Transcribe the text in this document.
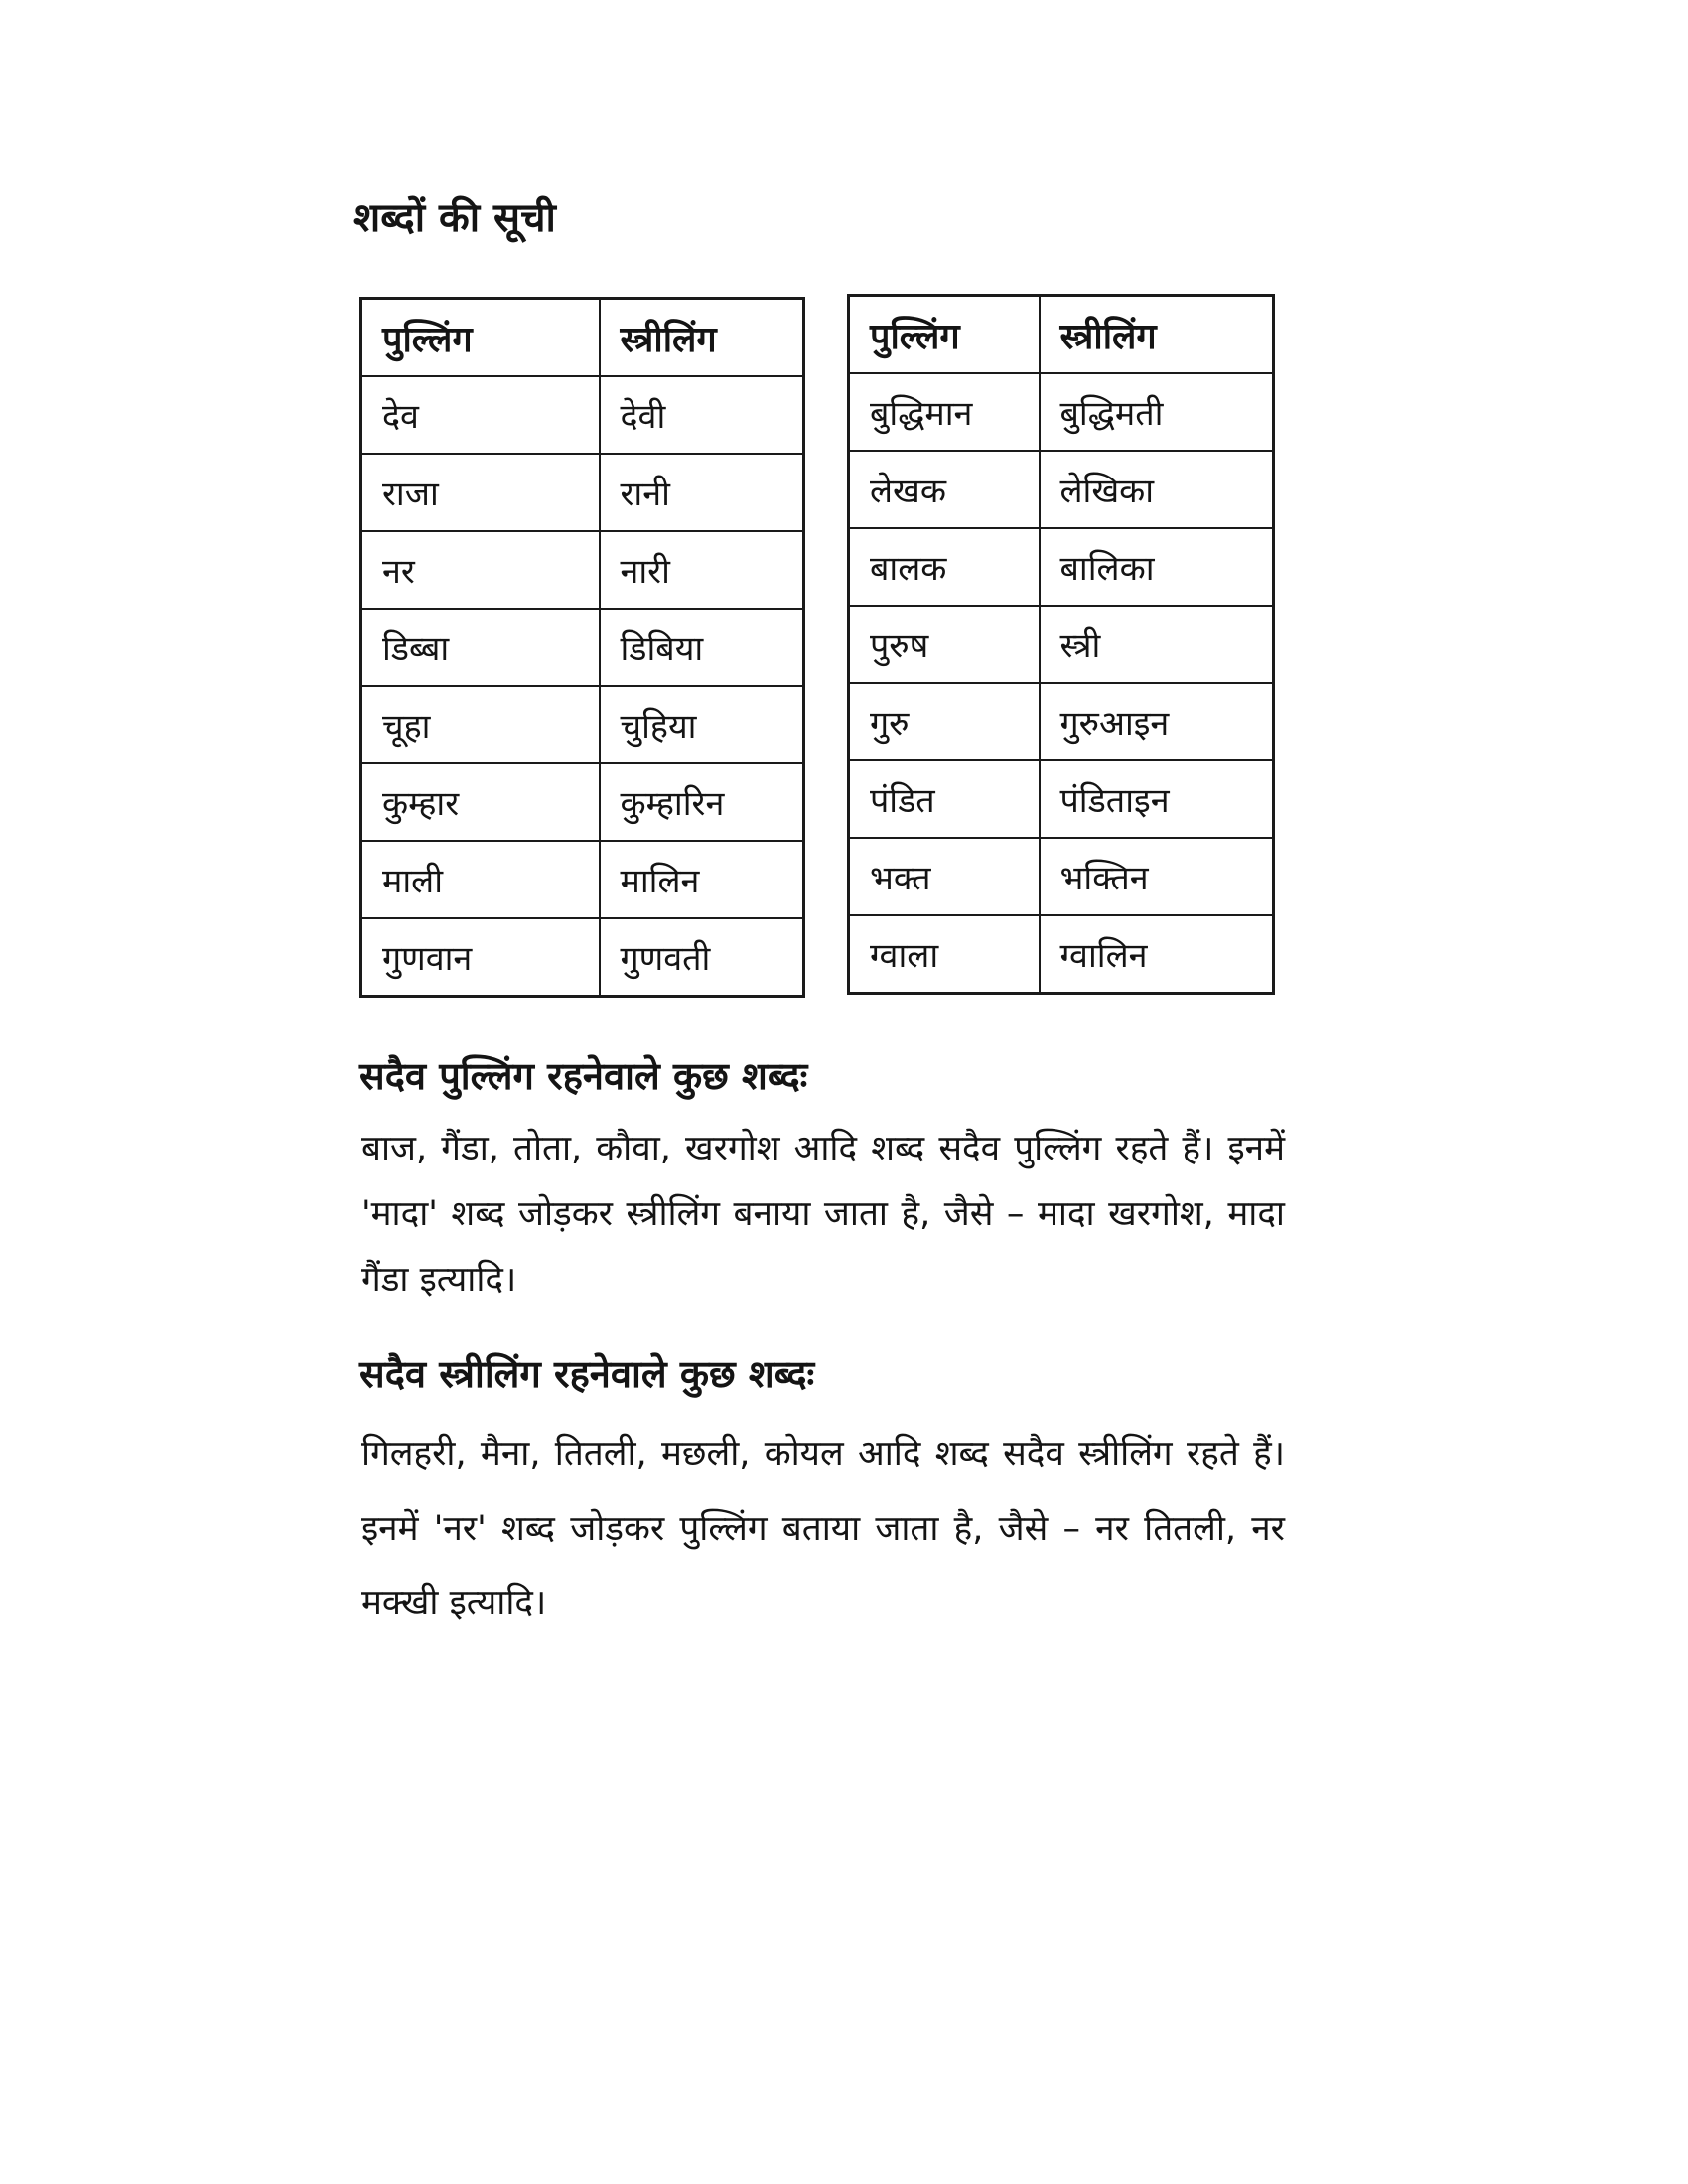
शब्दों की सूची
पुल्लिंग	स्त्रीलिंग
देव	देवी
राजा	रानी
नर	नारी
डिब्बा	डिबिया
चूहा	चुहिया
कुम्हार	कुम्हारिन
माली	मालिन
गुणवान	गुणवती
पुल्लिंग	स्त्रीलिंग
बुद्धिमान	बुद्धिमती
लेखक	लेखिका
बालक	बालिका
पुरुष	स्त्री
गुरु	गुरुआइन
पंडित	पंडिताइन
भक्त	भक्तिन
ग्वाला	ग्वालिन
सदैव पुल्लिंग रहनेवाले कुछ शब्दः

बाज, गैंडा, तोता, कौवा, खरगोश आदि शब्द सदैव पुल्लिंग रहते हैं। इनमें 'मादा' शब्द जोड़कर स्त्रीलिंग बनाया जाता है, जैसे – मादा खरगोश, मादा गैंडा इत्यादि।

सदैव स्त्रीलिंग रहनेवाले कुछ शब्दः

गिलहरी, मैना, तितली, मछली, कोयल आदि शब्द सदैव स्त्रीलिंग रहते हैं। इनमें 'नर' शब्द जोड़कर पुल्लिंग बताया जाता है, जैसे – नर तितली, नर मक्खी इत्यादि।
